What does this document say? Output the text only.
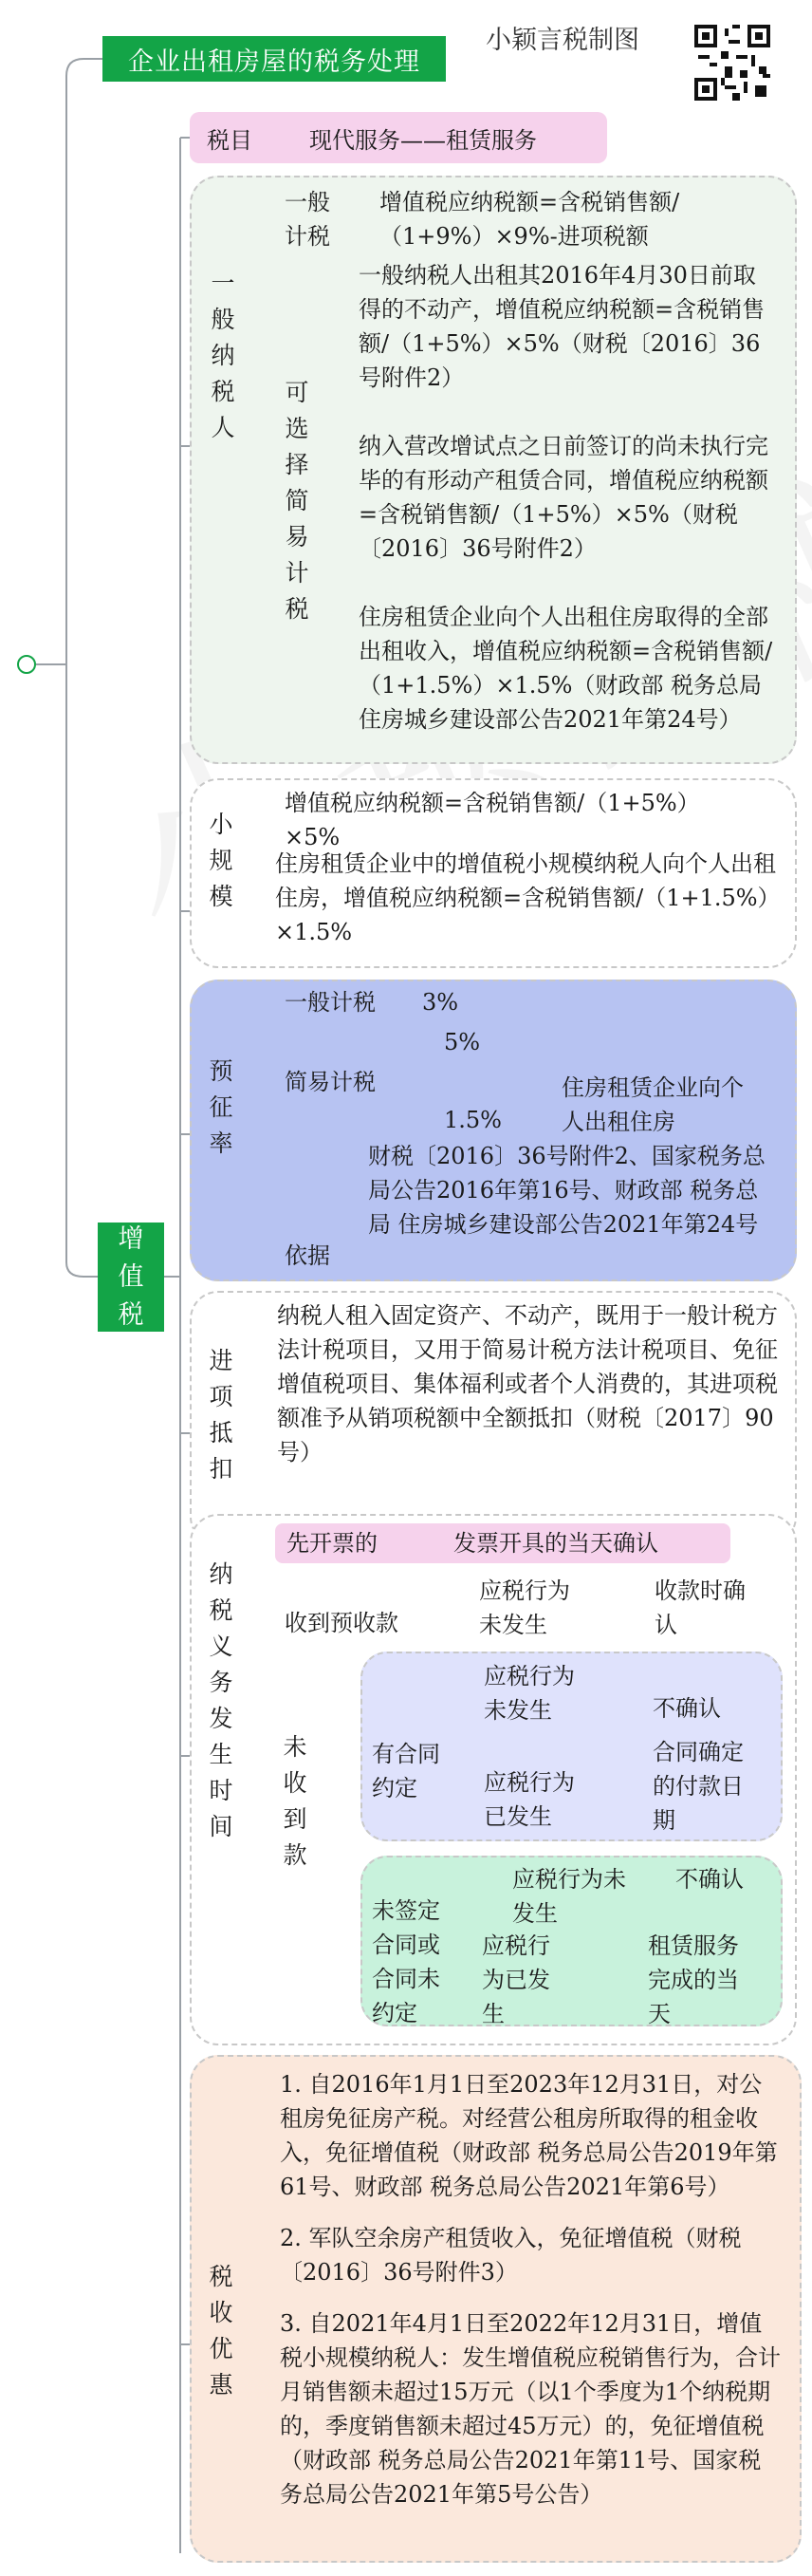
企业出租房屋的税务处理
小颖言税制图
增值税
税目	现代服务——租赁服务
一般纳税人
一般计税
增值税应纳税额=含税销售额/（1+9%）×9%-进项税额
可选择简易计税
一般纳税人出租其2016年4月30日前取得的不动产，增值税应纳税额=含税销售额/（1+5%）×5%（财税〔2016〕36号附件2）
纳入营改增试点之日前签订的尚未执行完毕的有形动产租赁合同，增值税应纳税额=含税销售额/（1+5%）×5%（财税〔2016〕36号附件2）
住房租赁企业向个人出租住房取得的全部出租收入，增值税应纳税额=含税销售额/（1+1.5%）×1.5%（财政部 税务总局 住房城乡建设部公告2021年第24号）
小规模
增值税应纳税额=含税销售额/（1+5%）×5%
住房租赁企业中的增值税小规模纳税人向个人出租住房，增值税应纳税额=含税销售额/（1+1.5%）×1.5%
预征率
一般计税 3%
简易计税
5%
1.5%
住房租赁企业向个人出租住房
依据
财税〔2016〕36号附件2、国家税务总局公告2016年第16号、财政部 税务总局 住房城乡建设部公告2021年第24号
进项抵扣
纳税人租入固定资产、不动产，既用于一般计税方法计税项目，又用于简易计税方法计税项目、免征增值税项目、集体福利或者个人消费的，其进项税额准予从销项税额中全额抵扣（财税〔2017〕90号）
纳税义务发生时间
先开票的	发票开具的当天确认
收到预收款
应税行为未发生
收款时确认
未收到款
有合同约定
应税行为未发生	不确认
应税行为已发生
合同确定的付款日期
未签定合同或合同未约定
应税行为未发生
不确认
应税行为已发生
租赁服务完成的当天
税收优惠
1. 自2016年1月1日至2023年12月31日，对公租房免征房产税。对经营公租房所取得的租金收入，免征增值税（财政部 税务总局公告2019年第61号、财政部 税务总局公告2021年第6号）
2. 军队空余房产租赁收入，免征增值税（财税〔2016〕36号附件3）
3. 自2021年4月1日至2022年12月31日，增值税小规模纳税人：发生增值税应税销售行为，合计月销售额未超过15万元（以1个季度为1个纳税期的，季度销售额未超过45万元）的，免征增值税（财政部 税务总局公告2021年第11号、国家税务总局公告2021年第5号公告）
